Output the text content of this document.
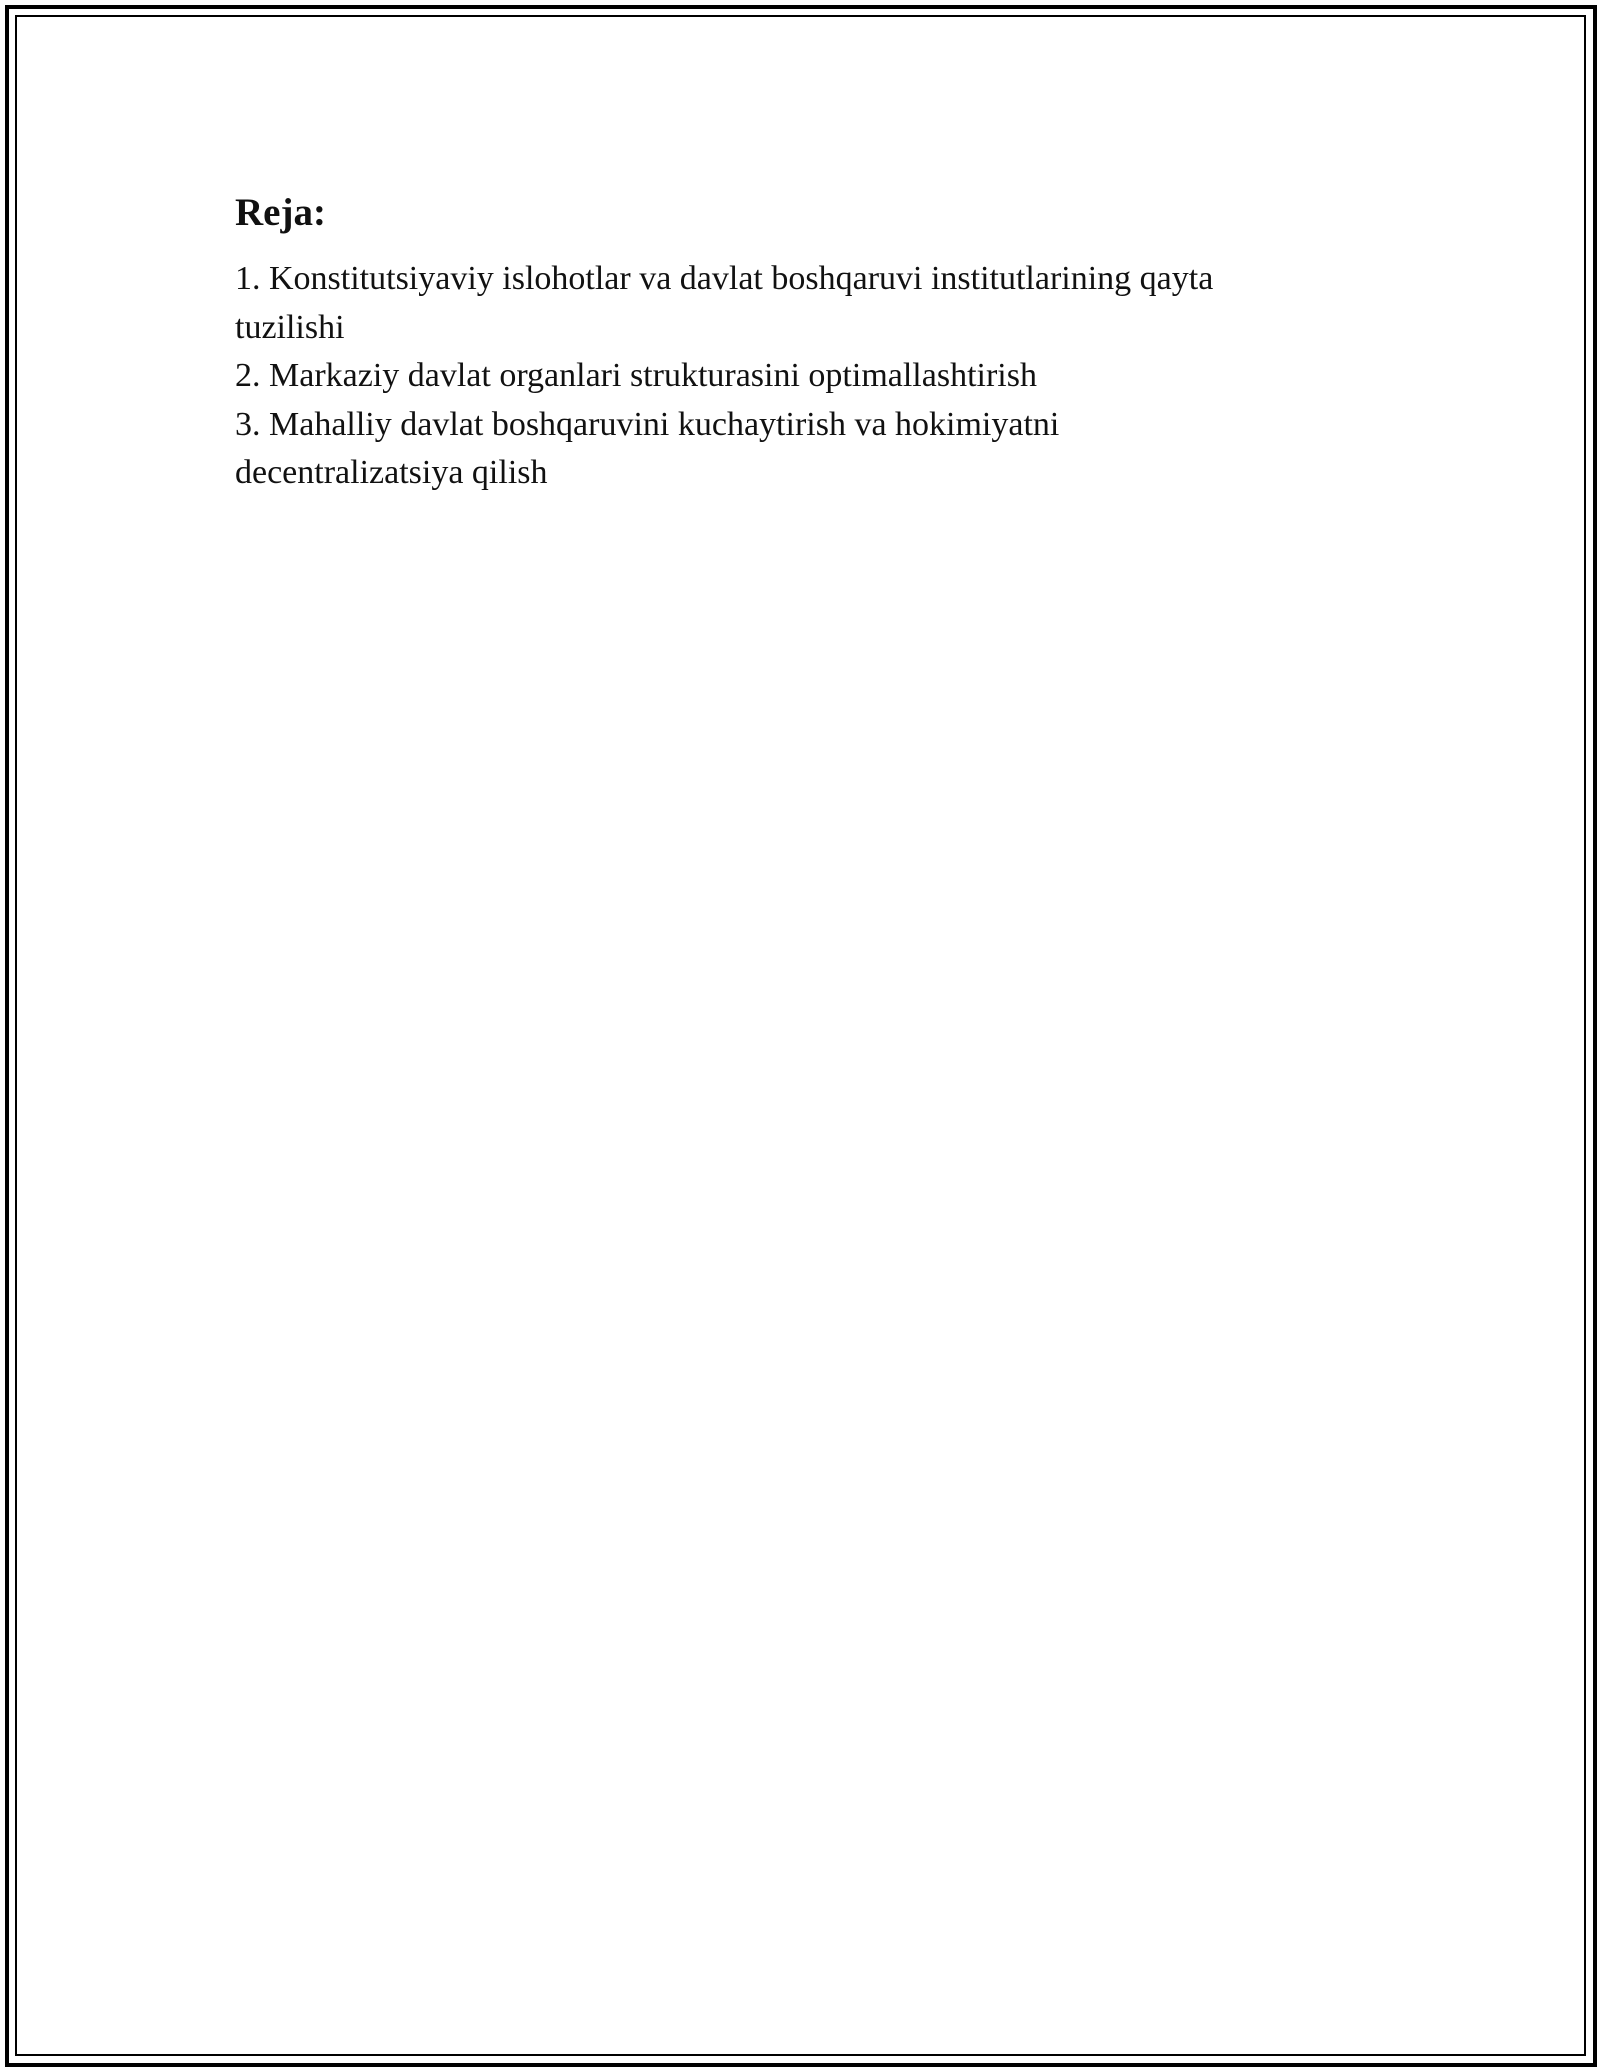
Reja:
1. Konstitutsiyaviy islohotlar va davlat boshqaruvi institutlarining qayta
tuzilishi
2. Markaziy davlat organlari strukturasini optimallashtirish
3. Mahalliy davlat boshqaruvini kuchaytirish va hokimiyatni
decentralizatsiya qilish
